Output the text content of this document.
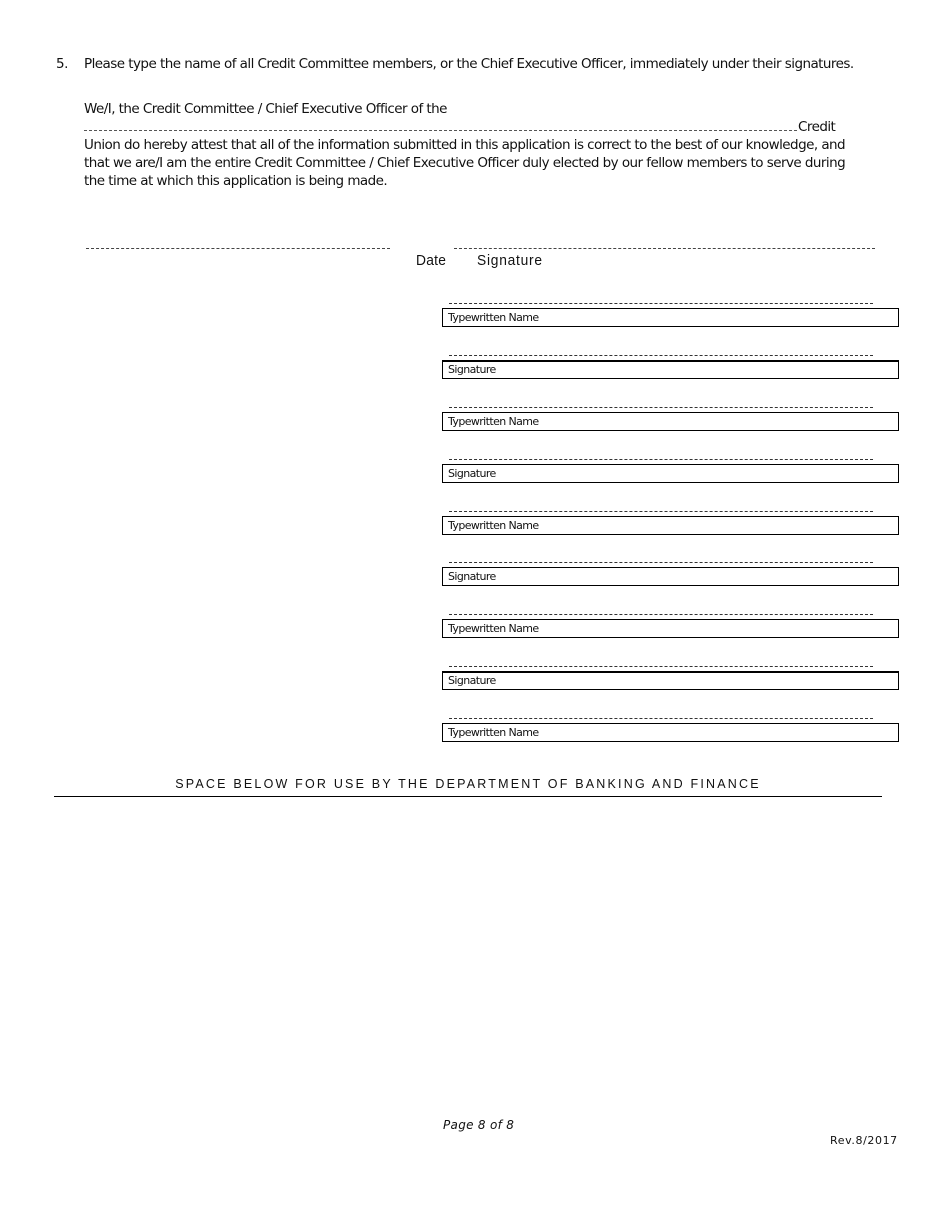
5. Please type the name of all Credit Committee members, or the Chief Executive Officer, immediately under their signatures.
We/I, the Credit Committee / Chief Executive Officer of the
Credit
Union do hereby attest that all of the information submitted in this application is correct to the best of our knowledge, and
that we are/I am the entire Credit Committee / Chief Executive Officer duly elected by our fellow members to serve during
the time at which this application is being made.
Date Signature
Typewritten Name
Signature
Typewritten Name
Signature
Typewritten Name
Signature
Typewritten Name
Signature
Typewritten Name
SPACE BELOW FOR USE BY THE DEPARTMENT OF BANKING AND FINANCE
Page 8 of 8
Rev.8/2017
